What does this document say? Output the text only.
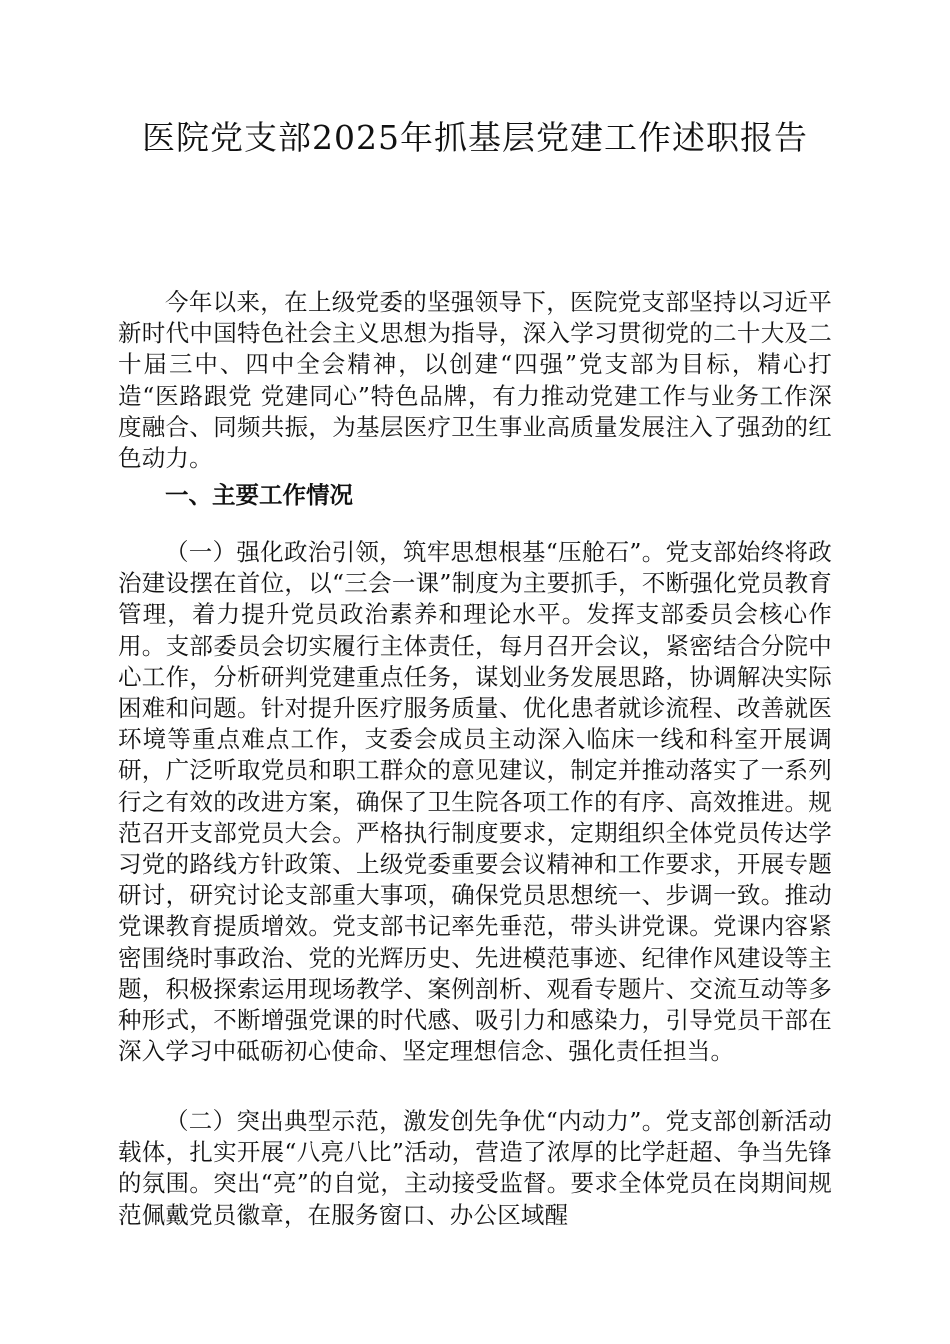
医院党支部2025年抓基层党建工作述职报告

今年以来，在上级党委的坚强领导下，医院党支部坚持以习近平新时代中国特色社会主义思想为指导，深入学习贯彻党的二十大及二十届三中、四中全会精神，以创建“四强”党支部为目标，精心打造“医路跟党 党建同心”特色品牌，有力推动党建工作与业务工作深度融合、同频共振，为基层医疗卫生事业高质量发展注入了强劲的红色动力。

一、主要工作情况

（一）强化政治引领，筑牢思想根基“压舱石”。党支部始终将政治建设摆在首位，以“三会一课”制度为主要抓手，不断强化党员教育管理，着力提升党员政治素养和理论水平。发挥支部委员会核心作用。支部委员会切实履行主体责任，每月召开会议，紧密结合分院中心工作，分析研判党建重点任务，谋划业务发展思路，协调解决实际困难和问题。针对提升医疗服务质量、优化患者就诊流程、改善就医环境等重点难点工作，支委会成员主动深入临床一线和科室开展调研，广泛听取党员和职工群众的意见建议，制定并推动落实了一系列行之有效的改进方案，确保了卫生院各项工作的有序、高效推进。规范召开支部党员大会。严格执行制度要求，定期组织全体党员传达学习党的路线方针政策、上级党委重要会议精神和工作要求，开展专题研讨，研究讨论支部重大事项，确保党员思想统一、步调一致。推动党课教育提质增效。党支部书记率先垂范，带头讲党课。党课内容紧密围绕时事政治、党的光辉历史、先进模范事迹、纪律作风建设等主题，积极探索运用现场教学、案例剖析、观看专题片、交流互动等多种形式，不断增强党课的时代感、吸引力和感染力，引导党员干部在深入学习中砥砺初心使命、坚定理想信念、强化责任担当。

（二）突出典型示范，激发创先争优“内动力”。党支部创新活动载体，扎实开展“八亮八比”活动，营造了浓厚的比学赶超、争当先锋的氛围。突出“亮”的自觉，主动接受监督。要求全体党员在岗期间规范佩戴党员徽章，在服务窗口、办公区域醒
